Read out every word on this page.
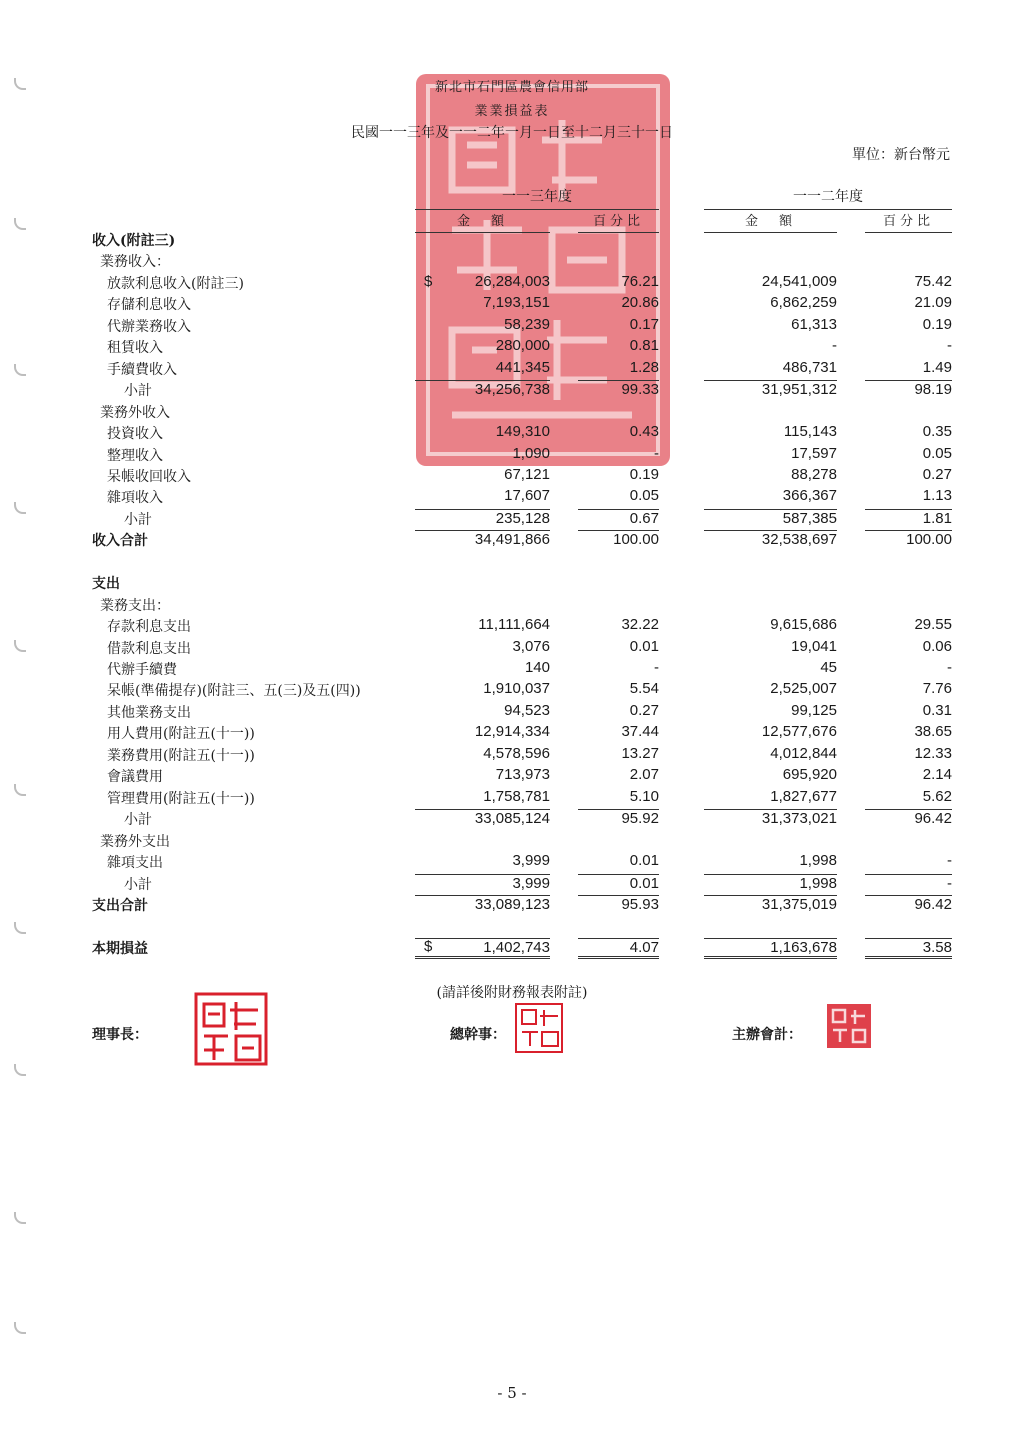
新北市石門區農會信用部
業業損益表
民國一一三年及一一二年一月一日至十二月三十一日
單位：新台幣元
一一三年度	一一二年度
金　額	百分比	金　額	百分比
收入(附註三)
業務收入：
放款利息收入(附註三)	26,284,003	76.21	24,541,009	75.42
$
存儲利息收入	7,193,151	20.86	6,862,259	21.09
代辦業務收入	58,239	0.17	61,313	0.19
租賃收入	280,000	0.81	-	-
手續費收入	441,345	1.28	486,731	1.49
小計	34,256,738	99.33	31,951,312	98.19
業務外收入
投資收入	149,310	0.43	115,143	0.35
整理收入	1,090	-	17,597	0.05
呆帳收回收入	67,121	0.19	88,278	0.27
雜項收入	17,607	0.05	366,367	1.13
小計	235,128	0.67	587,385	1.81
收入合計	34,491,866	100.00	32,538,697	100.00
支出
業務支出：
存款利息支出	11,111,664	32.22	9,615,686	29.55
借款利息支出	3,076	0.01	19,041	0.06
代辦手續費	140	-	45	-
呆帳(準備提存)(附註三、五(三)及五(四))	1,910,037	5.54	2,525,007	7.76
其他業務支出	94,523	0.27	99,125	0.31
用人費用(附註五(十一))	12,914,334	37.44	12,577,676	38.65
業務費用(附註五(十一))	4,578,596	13.27	4,012,844	12.33
會議費用	713,973	2.07	695,920	2.14
管理費用(附註五(十一))	1,758,781	5.10	1,827,677	5.62
小計	33,085,124	95.92	31,373,021	96.42
業務外支出
雜項支出	3,999	0.01	1,998	-
小計	3,999	0.01	1,998	-
支出合計	33,089,123	95.93	31,375,019	96.42
本期損益	1,402,743	4.07	1,163,678	3.58
$
(請詳後附財務報表附註)
理事長：	總幹事：	主辦會計：
- 5 -
